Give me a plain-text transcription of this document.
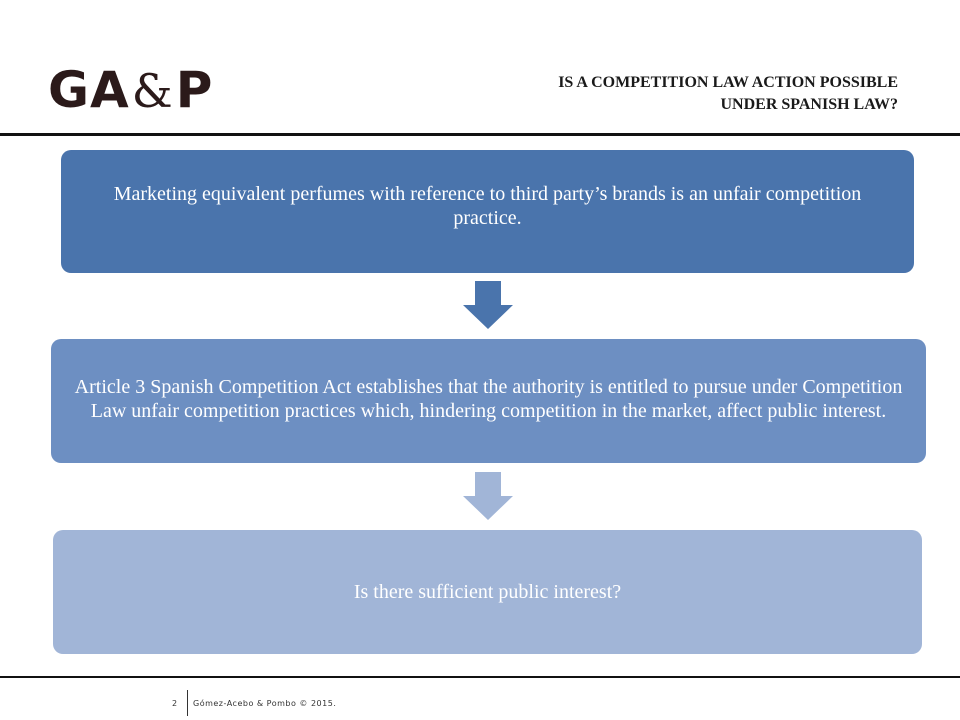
GA & P	IS A COMPETITION LAW ACTION POSSIBLE
UNDER SPANISH LAW?
Marketing equivalent perfumes with reference to third party’s brands is an unfair competition practice.
Article 3 Spanish Competition Act establishes that the authority is entitled to pursue under Competition Law unfair competition practices which, hindering competition in the market, affect public interest.
Is there sufficient public interest?
2 Gómez-Acebo & Pombo © 2015.
